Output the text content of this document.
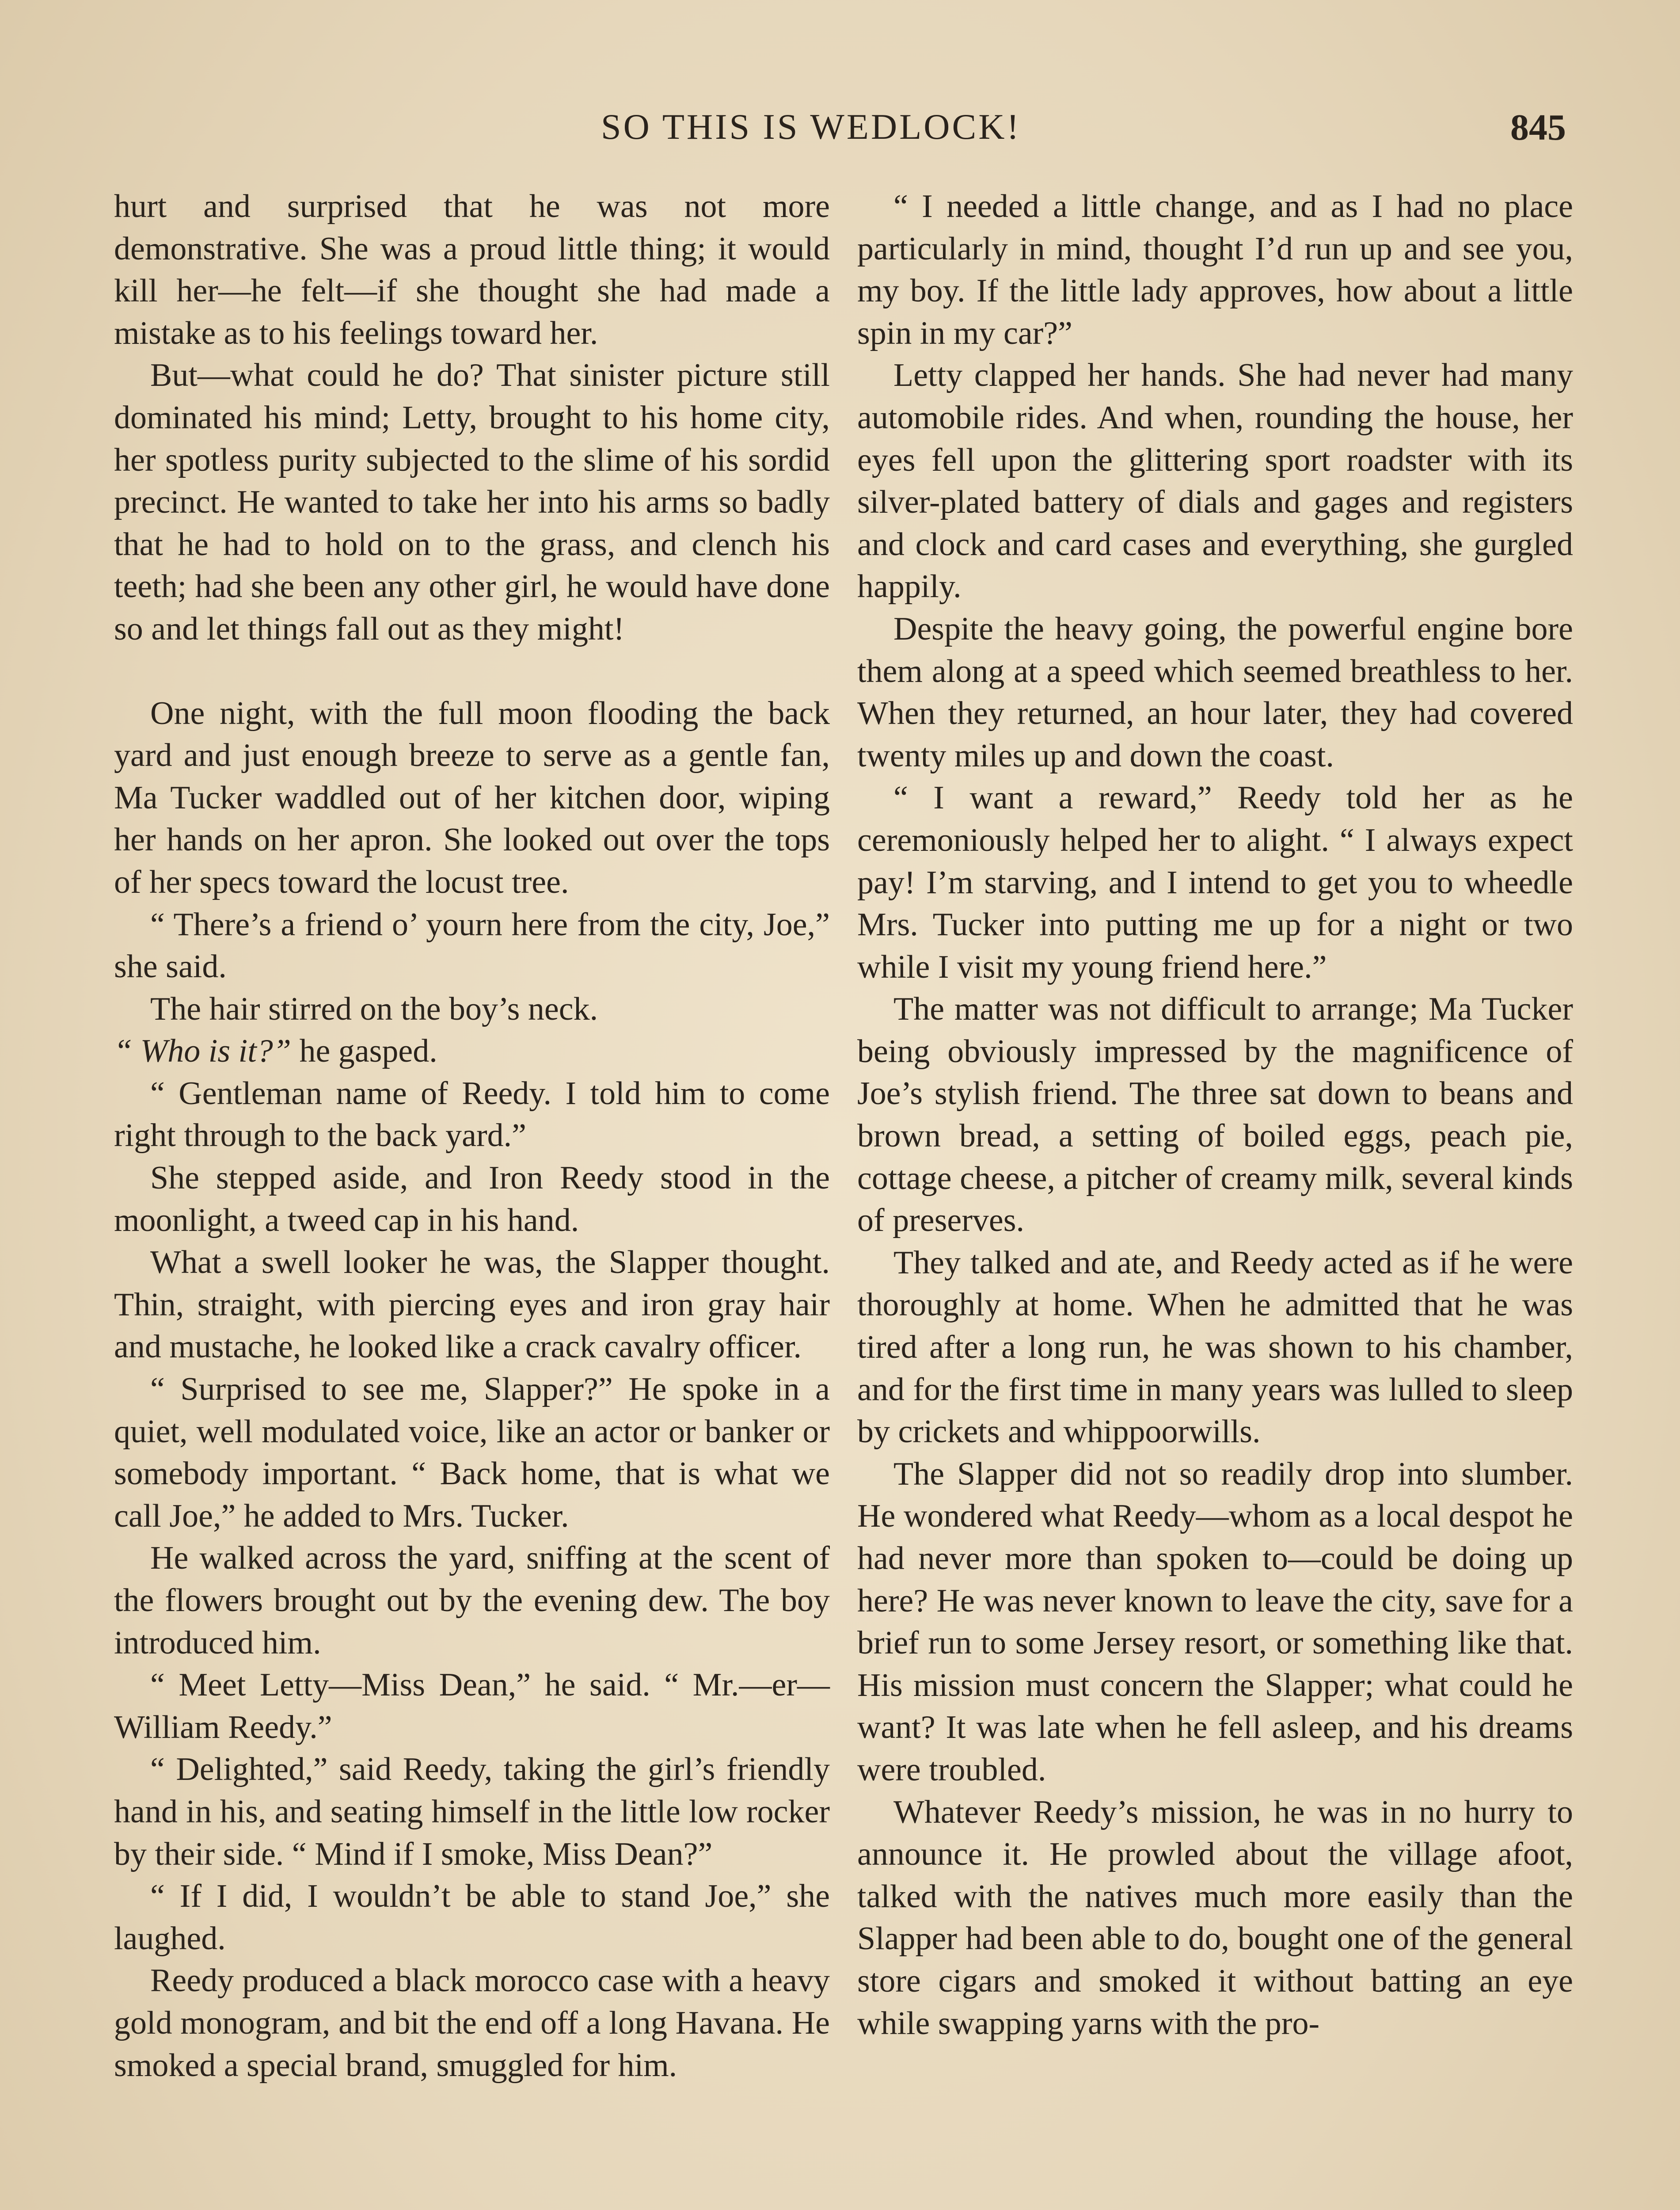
SO THIS IS WEDLOCK!	845

hurt and surprised that he was not more demonstrative. She was a proud little thing; it would kill her—he felt—if she thought she had made a mistake as to his feelings toward her.

But—what could he do? That sinister picture still dominated his mind; Letty, brought to his home city, her spotless purity subjected to the slime of his sordid precinct. He wanted to take her into his arms so badly that he had to hold on to the grass, and clench his teeth; had she been any other girl, he would have done so and let things fall out as they might!

One night, with the full moon flooding the back yard and just enough breeze to serve as a gentle fan, Ma Tucker waddled out of her kitchen door, wiping her hands on her apron. She looked out over the tops of her specs toward the locust tree.

“ There’s a friend o’ yourn here from the city, Joe,” she said.

The hair stirred on the boy’s neck.

“ Who is it?” he gasped.

“ Gentleman name of Reedy. I told him to come right through to the back yard.”

She stepped aside, and Iron Reedy stood in the moonlight, a tweed cap in his hand.

What a swell looker he was, the Slapper thought. Thin, straight, with piercing eyes and iron gray hair and mustache, he looked like a crack cavalry officer.

“ Surprised to see me, Slapper?” He spoke in a quiet, well modulated voice, like an actor or banker or somebody important. “ Back home, that is what we call Joe,” he added to Mrs. Tucker.

He walked across the yard, sniffing at the scent of the flowers brought out by the evening dew. The boy introduced him.

“ Meet Letty—Miss Dean,” he said. “ Mr.—er—William Reedy.”

“ Delighted,” said Reedy, taking the girl’s friendly hand in his, and seating himself in the little low rocker by their side. “ Mind if I smoke, Miss Dean?”

“ If I did, I wouldn’t be able to stand Joe,” she laughed.

Reedy produced a black morocco case with a heavy gold monogram, and bit the end off a long Havana. He smoked a special brand, smuggled for him.

“ I needed a little change, and as I had no place particularly in mind, thought I’d run up and see you, my boy. If the little lady approves, how about a little spin in my car?”

Letty clapped her hands. She had never had many automobile rides. And when, rounding the house, her eyes fell upon the glittering sport roadster with its silver-plated battery of dials and gages and registers and clock and card cases and everything, she gurgled happily.

Despite the heavy going, the powerful engine bore them along at a speed which seemed breathless to her. When they returned, an hour later, they had covered twenty miles up and down the coast.

“ I want a reward,” Reedy told her as he ceremoniously helped her to alight. “ I always expect pay! I’m starving, and I intend to get you to wheedle Mrs. Tucker into putting me up for a night or two while I visit my young friend here.”

The matter was not difficult to arrange; Ma Tucker being obviously impressed by the magnificence of Joe’s stylish friend. The three sat down to beans and brown bread, a setting of boiled eggs, peach pie, cottage cheese, a pitcher of creamy milk, several kinds of preserves.

They talked and ate, and Reedy acted as if he were thoroughly at home. When he admitted that he was tired after a long run, he was shown to his chamber, and for the first time in many years was lulled to sleep by crickets and whippoorwills.

The Slapper did not so readily drop into slumber. He wondered what Reedy—whom as a local despot he had never more than spoken to—could be doing up here? He was never known to leave the city, save for a brief run to some Jersey resort, or something like that. His mission must concern the Slapper; what could he want? It was late when he fell asleep, and his dreams were troubled.

Whatever Reedy’s mission, he was in no hurry to announce it. He prowled about the village afoot, talked with the natives much more easily than the Slapper had been able to do, bought one of the general store cigars and smoked it without batting an eye while swapping yarns with the pro-
